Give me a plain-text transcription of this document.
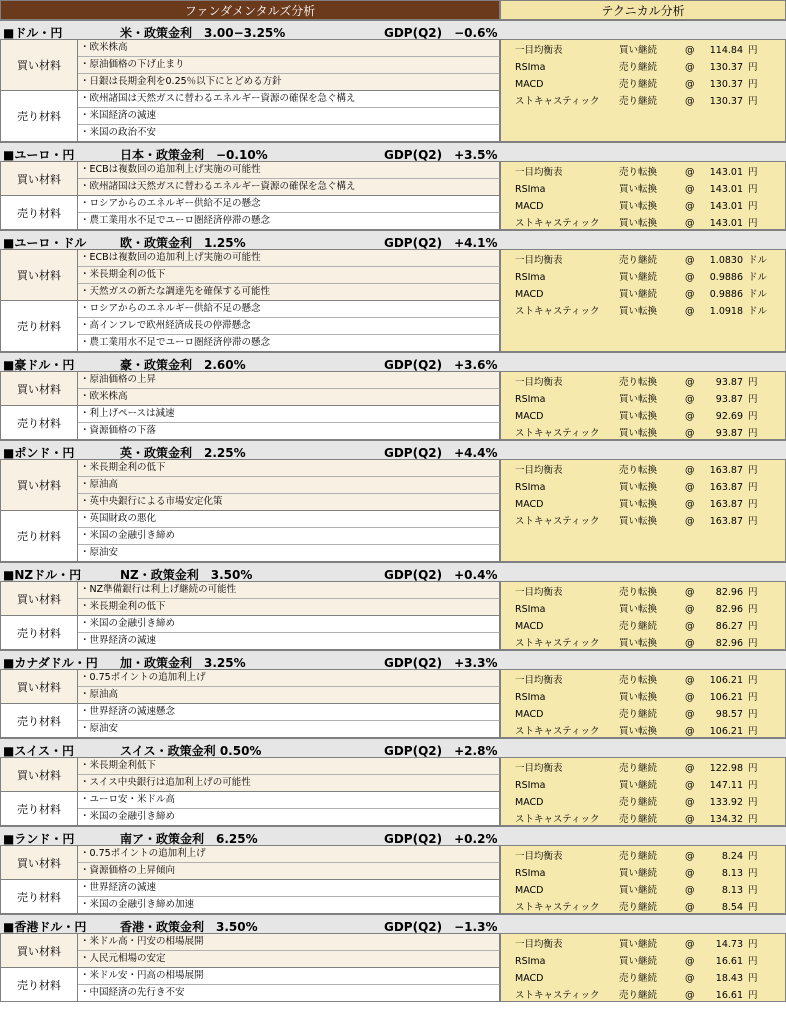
ファンダメンタルズ分析	テクニカル分析
■ドル・円	米・政策金利　3.00−3.25%	GDP(Q2)　−0.6%
買い材料
・欧米株高
・原油価格の下げ止まり
・日銀は長期金利を0.25％以下にとどめる方針
売り材料
・欧州諸国は天然ガスに替わるエネルギー資源の確保を急ぐ構え
・米国経済の減速
・米国の政治不安
一目均衡表	買い継続	@ 114.84 円
RSIma	売り継続	@ 130.37 円
MACD	売り継続	@ 130.37 円
ストキャスティック 売り継続	@ 130.37 円
■ユーロ・円	日本・政策金利　−0.10%	GDP(Q2)　+3.5%
買い材料
・ECBは複数回の追加利上げ実施の可能性
・欧州諸国は天然ガスに替わるエネルギー資源の確保を急ぐ構え
売り材料
・ロシアからのエネルギー供給不足の懸念
・農工業用水不足でユーロ圏経済停滞の懸念
一目均衡表	売り転換	@ 143.01 円
RSIma	買い転換	@ 143.01 円
MACD	買い転換	@ 143.01 円
ストキャスティック 買い転換	@ 143.01 円
■ユーロ・ドル	欧・政策金利　1.25%	GDP(Q2)　+4.1%
買い材料
・ECBは複数回の追加利上げ実施の可能性
・米長期金利の低下
・天然ガスの新たな調達先を確保する可能性
売り材料
・ロシアからのエネルギー供給不足の懸念
・高インフレで欧州経済成長の停滞懸念
・農工業用水不足でユーロ圏経済停滞の懸念
一目均衡表	売り継続	@ 1.0830 ドル
RSIma	買い継続	@ 0.9886 ドル
MACD	買い継続	@ 0.9886 ドル
ストキャスティック 買い転換	@ 1.0918 ドル
■豪ドル・円	豪・政策金利　2.60%	GDP(Q2)　+3.6%
買い材料
・原油価格の上昇
・欧米株高
売り材料
・利上げペースは減速
・資源価格の下落
一目均衡表	売り転換	@ 93.87 円
RSIma	買い転換	@ 93.87 円
MACD	買い転換	@ 92.69 円
ストキャスティック 買い転換	@ 93.87 円
■ポンド・円	英・政策金利　2.25%	GDP(Q2)　+4.4%
買い材料
・米長期金利の低下
・原油高
・英中央銀行による市場安定化策
売り材料
・英国財政の悪化
・米国の金融引き締め
・原油安
一目均衡表	売り転換	@ 163.87 円
RSIma	買い転換	@ 163.87 円
MACD	買い転換	@ 163.87 円
ストキャスティック 買い転換	@ 163.87 円
■NZドル・円	NZ・政策金利　3.50%	GDP(Q2)　+0.4%
買い材料
・NZ準備銀行は利上げ継続の可能性
・米長期金利の低下
売り材料
・米国の金融引き締め
・世界経済の減速
一目均衡表	売り転換	@ 82.96 円
RSIma	買い転換	@ 82.96 円
MACD	売り継続	@ 86.27 円
ストキャスティック 買い転換	@ 82.96 円
■カナダドル・円 加・政策金利　3.25%	GDP(Q2)　+3.3%
買い材料
・0.75ポイントの追加利上げ
・原油高
売り材料
・世界経済の減速懸念
・原油安
一目均衡表	売り転換	@ 106.21 円
RSIma	買い転換	@ 106.21 円
MACD	売り継続	@ 98.57 円
ストキャスティック 買い転換	@ 106.21 円
■スイス・円	スイス・政策金利 0.50%	GDP(Q2)　+2.8%
買い材料
・米長期金利低下
・スイス中央銀行は追加利上げの可能性
売り材料
・ユーロ安・米ドル高
・米国の金融引き締め
一目均衡表	売り継続	@ 122.98 円
RSIma	買い継続	@ 147.11 円
MACD	売り継続	@ 133.92 円
ストキャスティック 売り継続	@ 134.32 円
■ランド・円	南ア・政策金利　6.25%	GDP(Q2)　+0.2%
買い材料
・0.75ポイントの追加利上げ
・資源価格の上昇傾向
売り材料
・世界経済の減速
・米国の金融引き締め加速
一目均衡表	売り継続	@	8.24 円
RSIma	買い継続	@	8.13 円
MACD	買い継続	@	8.13 円
ストキャスティック 売り継続	@	8.54 円
■香港ドル・円	香港・政策金利　3.50%	GDP(Q2)　−1.3%
買い材料
・米ドル高・円安の相場展開
・人民元相場の安定
売り材料
・米ドル安・円高の相場展開
・中国経済の先行き不安
一目均衡表	買い継続	@ 14.73 円
RSIma	買い継続	@ 16.61 円
MACD	売り継続	@ 18.43 円
ストキャスティック 売り継続	@ 16.61 円
